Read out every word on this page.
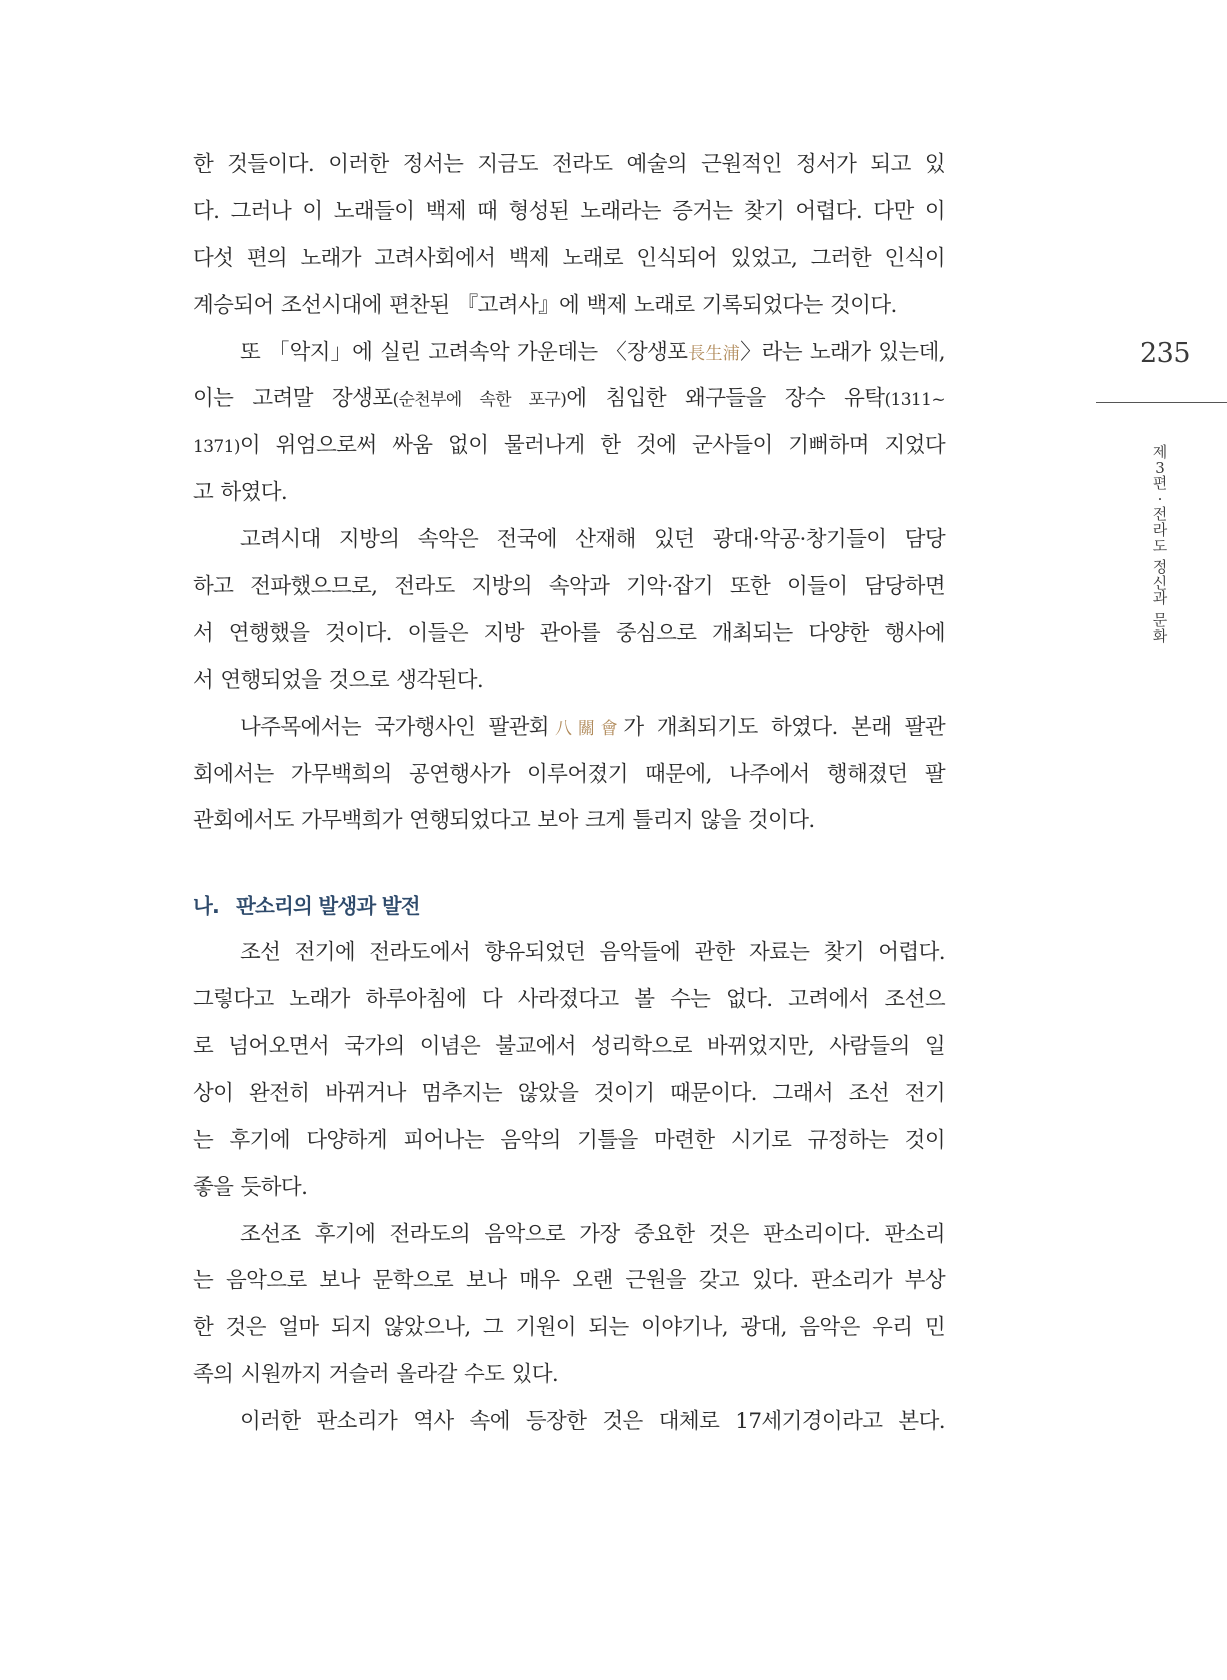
한 것들이다. 이러한 정서는 지금도 전라도 예술의 근원적인 정서가 되고 있
다. 그러나 이 노래들이 백제 때 형성된 노래라는 증거는 찾기 어렵다. 다만 이
다섯 편의 노래가 고려사회에서 백제 노래로 인식되어 있었고, 그러한 인식이
계승되어 조선시대에 편찬된 『고려사』에 백제 노래로 기록되었다는 것이다.
또 「악지」에 실린 고려속악 가운데는 〈장생포長生浦〉라는 노래가 있는데,
이는 고려말 장생포(순천부에 속한 포구)에 침입한 왜구들을 장수 유탁(1311~
1371)이 위엄으로써 싸움 없이 물러나게 한 것에 군사들이 기뻐하며 지었다
고 하였다.
고려시대 지방의 속악은 전국에 산재해 있던 광대·악공·창기들이 담당
하고 전파했으므로, 전라도 지방의 속악과 기악·잡기 또한 이들이 담당하면
서 연행했을 것이다. 이들은 지방 관아를 중심으로 개최되는 다양한 행사에
서 연행되었을 것으로 생각된다.
나주목에서는 국가행사인 팔관회八關會가 개최되기도 하였다. 본래 팔관
회에서는 가무백희의 공연행사가 이루어졌기 때문에, 나주에서 행해졌던 팔
관회에서도 가무백희가 연행되었다고 보아 크게 틀리지 않을 것이다.
나. 판소리의 발생과 발전
조선 전기에 전라도에서 향유되었던 음악들에 관한 자료는 찾기 어렵다.
그렇다고 노래가 하루아침에 다 사라졌다고 볼 수는 없다. 고려에서 조선으
로 넘어오면서 국가의 이념은 불교에서 성리학으로 바뀌었지만, 사람들의 일
상이 완전히 바뀌거나 멈추지는 않았을 것이기 때문이다. 그래서 조선 전기
는 후기에 다양하게 피어나는 음악의 기틀을 마련한 시기로 규정하는 것이
좋을 듯하다.
조선조 후기에 전라도의 음악으로 가장 중요한 것은 판소리이다. 판소리
는 음악으로 보나 문학으로 보나 매우 오랜 근원을 갖고 있다. 판소리가 부상
한 것은 얼마 되지 않았으나, 그 기원이 되는 이야기나, 광대, 음악은 우리 민
족의 시원까지 거슬러 올라갈 수도 있다.
이러한 판소리가 역사 속에 등장한 것은 대체로 17세기경이라고 본다.
235
제
3
편
·
전
라
도
정
신
과
문
화
